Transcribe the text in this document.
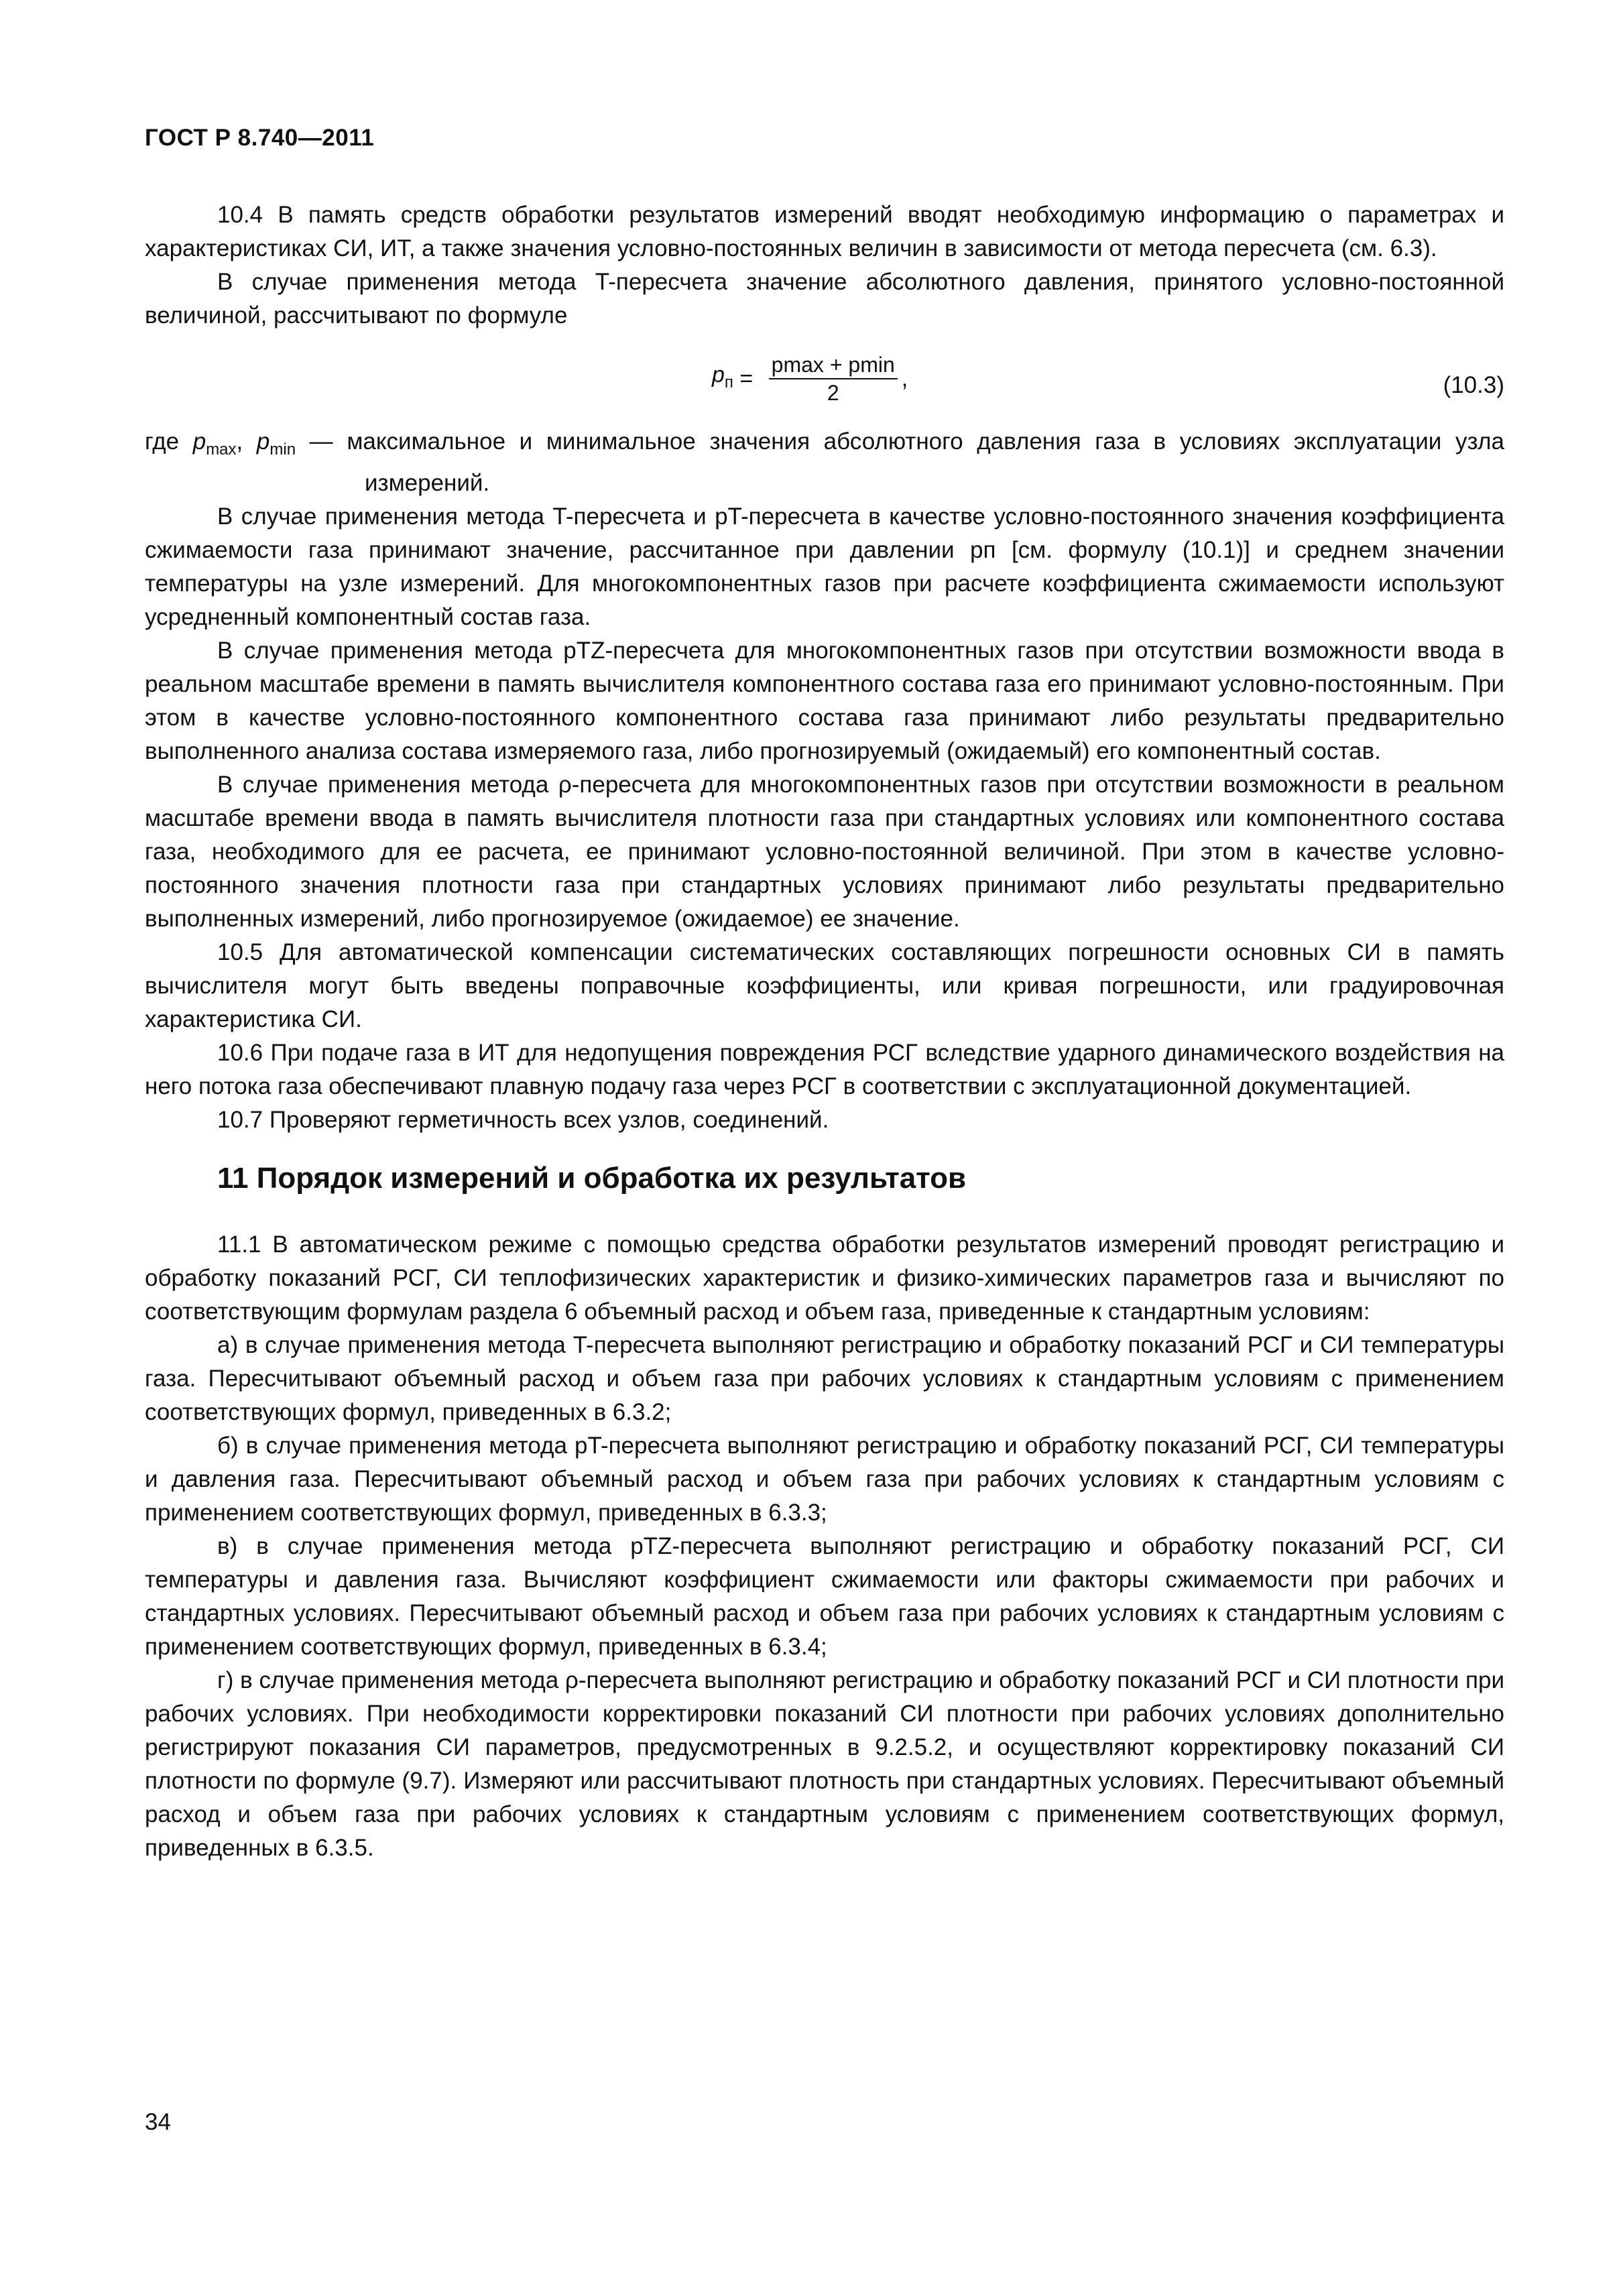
ГОСТ Р 8.740—2011

10.4 В память средств обработки результатов измерений вводят необходимую информацию о параметрах и характеристиках СИ, ИТ, а также значения условно-постоянных величин в зависимости от метода пересчета (см. 6.3).

В случае применения метода T-пересчета значение абсолютного давления, принятого условно-постоянной величиной, рассчитывают по формуле

$p_п = \frac{pmax + pmin}{2}$ ,	(10.3)

где $p_{max}$, $p_{min}$ — максимальное и минимальное значения абсолютного давления газа в условиях эксплуатации узла измерений.

В случае применения метода T-пересчета и pT-пересчета в качестве условно-постоянного значения коэффициента сжимаемости газа принимают значение, рассчитанное при давлении pп [см. формулу (10.1)] и среднем значении температуры на узле измерений. Для многокомпонентных газов при расчете коэффициента сжимаемости используют усредненный компонентный состав газа.

В случае применения метода pTZ-пересчета для многокомпонентных газов при отсутствии возможности ввода в реальном масштабе времени в память вычислителя компонентного состава газа его принимают условно-постоянным. При этом в качестве условно-постоянного компонентного состава газа принимают либо результаты предварительно выполненного анализа состава измеряемого газа, либо прогнозируемый (ожидаемый) его компонентный состав.

В случае применения метода ρ-пересчета для многокомпонентных газов при отсутствии возможности в реальном масштабе времени ввода в память вычислителя плотности газа при стандартных условиях или компонентного состава газа, необходимого для ее расчета, ее принимают условно-постоянной величиной. При этом в качестве условно-постоянного значения плотности газа при стандартных условиях принимают либо результаты предварительно выполненных измерений, либо прогнозируемое (ожидаемое) ее значение.

10.5 Для автоматической компенсации систематических составляющих погрешности основных СИ в память вычислителя могут быть введены поправочные коэффициенты, или кривая погрешности, или градуировочная характеристика СИ.

10.6 При подаче газа в ИТ для недопущения повреждения РСГ вследствие ударного динамического воздействия на него потока газа обеспечивают плавную подачу газа через РСГ в соответствии с эксплуатационной документацией.

10.7 Проверяют герметичность всех узлов, соединений.

11 Порядок измерений и обработка их результатов

11.1 В автоматическом режиме с помощью средства обработки результатов измерений проводят регистрацию и обработку показаний РСГ, СИ теплофизических характеристик и физико-химических параметров газа и вычисляют по соответствующим формулам раздела 6 объемный расход и объем газа, приведенные к стандартным условиям:

а) в случае применения метода T-пересчета выполняют регистрацию и обработку показаний РСГ и СИ температуры газа. Пересчитывают объемный расход и объем газа при рабочих условиях к стандартным условиям с применением соответствующих формул, приведенных в 6.3.2;

б) в случае применения метода pT-пересчета выполняют регистрацию и обработку показаний РСГ, СИ температуры и давления газа. Пересчитывают объемный расход и объем газа при рабочих условиях к стандартным условиям с применением соответствующих формул, приведенных в 6.3.3;

в) в случае применения метода pTZ-пересчета выполняют регистрацию и обработку показаний РСГ, СИ температуры и давления газа. Вычисляют коэффициент сжимаемости или факторы сжимаемости при рабочих и стандартных условиях. Пересчитывают объемный расход и объем газа при рабочих условиях к стандартным условиям с применением соответствующих формул, приведенных в 6.3.4;

г) в случае применения метода ρ-пересчета выполняют регистрацию и обработку показаний РСГ и СИ плотности при рабочих условиях. При необходимости корректировки показаний СИ плотности при рабочих условиях дополнительно регистрируют показания СИ параметров, предусмотренных в 9.2.5.2, и осуществляют корректировку показаний СИ плотности по формуле (9.7). Измеряют или рассчитывают плотность при стандартных условиях. Пересчитывают объемный расход и объем газа при рабочих условиях к стандартным условиям с применением соответствующих формул, приведенных в 6.3.5.

34
